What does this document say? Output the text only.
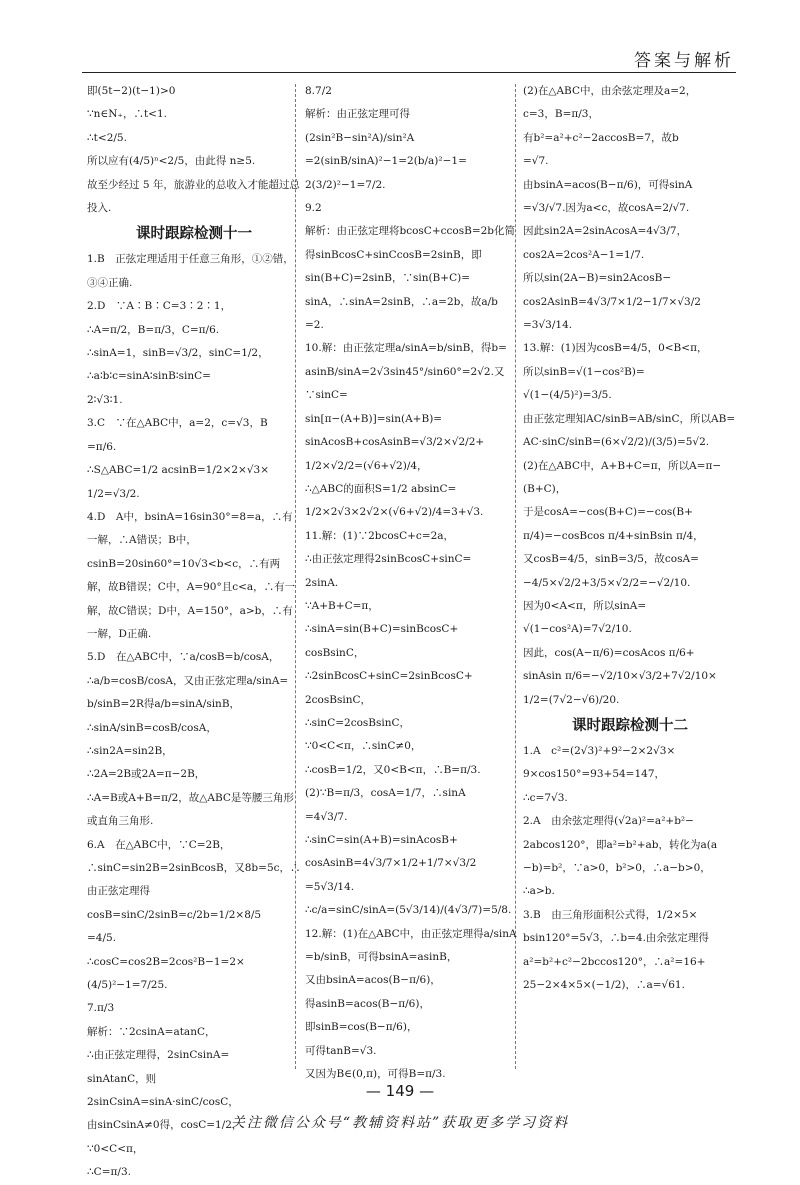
答案与解析
即(5t−2)(t−1)>0
∵n∈N₊，∴t<1.
∴t<2/5.
所以应有(4/5)ⁿ<2/5，由此得 n≥5.
故至少经过 5 年，旅游业的总收入才能超过总投入.

课时跟踪检测十一
1.B　正弦定理适用于任意三角形，①②错，③④正确.
2.D　∵A∶B∶C=3∶2∶1，
∴A=π/2，B=π/3，C=π/6.
∴sinA=1，sinB=√3/2，sinC=1/2，
∴a∶b∶c=sinA∶sinB∶sinC=
2∶√3∶1.
3.C　∵在△ABC中，a=2，c=√3，B
=π/6.
∴S△ABC=1/2 acsinB=1/2×2×√3×
1/2=√3/2.
4.D　A中，bsinA=16sin30°=8=a，∴有一解，∴A错误；B中，csinB=20sin60°=10√3<b<c，∴有两解，故B错误；C中，A=90°且c<a，∴有一解，故C错误；D中，A=150°，a>b，∴有一解，D正确.
5.D　在△ABC中，∵a/cosB=b/cosA，
∴a/b=cosB/cosA，又由正弦定理a/sinA=
b/sinB=2R得a/b=sinA/sinB，
∴sinA/sinB=cosB/cosA，∴sin2A=sin2B，
∴2A=2B或2A=π−2B，
∴A=B或A+B=π/2，故△ABC是等腰三角形或直角三角形.
6.A　在△ABC中，∵C=2B，∴sinC=sin2B=2sinBcosB，又8b=5c，∴由正弦定理得cosB=sinC/2sinB=c/2b=1/2×8/5
=4/5.
∴cosC=cos2B=2cos²B−1=2×
(4/5)²−1=7/25.
7.π/3
解析：∵2csinA=atanC，
∴由正弦定理得，2sinCsinA=
sinAtanC，则2sinCsinA=sinA·sinC/cosC，
由sinCsinA≠0得，cosC=1/2，
∵0<C<π，
∴C=π/3.
8.7/2
解析：由正弦定理可得(2sin²B−sin²A)/sin²A
=2(sinB/sinA)²−1=2(b/a)²−1=
2(3/2)²−1=7/2.
9.2
解析：由正弦定理将bcosC+ccosB=2b化简得sinBcosC+sinCcosB=2sinB，即sin(B+C)=2sinB，∵sin(B+C)=
sinA，∴sinA=2sinB，∴a=2b，故a/b
=2.
10.解：由正弦定理a/sinA=b/sinB，得b=
asinB/sinA=2√3sin45°/sin60°=2√2.又∵sinC=
sin[π−(A+B)]=sin(A+B)=
sinAcosB+cosAsinB=√3/2×√2/2+
1/2×√2/2=(√6+√2)/4，
∴△ABC的面积S=1/2 absinC=
1/2×2√3×2√2×(√6+√2)/4=3+√3.
11.解：(1)∵2bcosC+c=2a，
∴由正弦定理得2sinBcosC+sinC=
2sinA.
∵A+B+C=π，
∴sinA=sin(B+C)=sinBcosC+
cosBsinC，
∴2sinBcosC+sinC=2sinBcosC+
2cosBsinC，
∴sinC=2cosBsinC，
∵0<C<π，∴sinC≠0，
∴cosB=1/2，又0<B<π，∴B=π/3.
(2)∵B=π/3，cosA=1/7，∴sinA
=4√3/7.
∴sinC=sin(A+B)=sinAcosB+
cosAsinB=4√3/7×1/2+1/7×√3/2
=5√3/14.
∴c/a=sinC/sinA=(5√3/14)/(4√3/7)=5/8.
12.解：(1)在△ABC中，由正弦定理得a/sinA
=b/sinB，可得bsinA=asinB，
又由bsinA=acos(B−π/6)，
得asinB=acos(B−π/6)，
即sinB=cos(B−π/6)，
可得tanB=√3.
又因为B∈(0,π)，可得B=π/3.
(2)在△ABC中，由余弦定理及a=2，
c=3，B=π/3，
有b²=a²+c²−2accosB=7，故b
=√7.
由bsinA=acos(B−π/6)，可得sinA
=√3/√7.因为a<c，故cosA=2/√7.
因此sin2A=2sinAcosA=4√3/7，
cos2A=2cos²A−1=1/7.
所以sin(2A−B)=sin2AcosB−
cos2AsinB=4√3/7×1/2−1/7×√3/2
=3√3/14.
13.解：(1)因为cosB=4/5，0<B<π，
所以sinB=√(1−cos²B)=
√(1−(4/5)²)=3/5.
由正弦定理知AC/sinB=AB/sinC，所以AB=
AC·sinC/sinB=(6×√2/2)/(3/5)=5√2.
(2)在△ABC中，A+B+C=π，所以A=π−(B+C)，
于是cosA=−cos(B+C)=−cos(B+
π/4)=−cosBcos π/4+sinBsin π/4，
又cosB=4/5，sinB=3/5，故cosA=
−4/5×√2/2+3/5×√2/2=−√2/10.
因为0<A<π，所以sinA=
√(1−cos²A)=7√2/10.
因此，cos(A−π/6)=cosAcos π/6+
sinAsin π/6=−√2/10×√3/2+7√2/10×
1/2=(7√2−√6)/20.

课时跟踪检测十二
1.A　c²=(2√3)²+9²−2×2√3×
9×cos150°=93+54=147，
∴c=7√3.
2.A　由余弦定理得(√2a)²=a²+b²−
2abcos120°，即a²=b²+ab，转化为a(a
−b)=b²，∵a>0，b²>0，∴a−b>0，
∴a>b.
3.B　由三角形面积公式得，1/2×5×
bsin120°=5√3，∴b=4.由余弦定理得
a²=b²+c²−2bccos120°，∴a²=16+
25−2×4×5×(−1/2)，∴a=√61.
— 149 —
关注微信公众号“教辅资料站”获取更多学习资料
